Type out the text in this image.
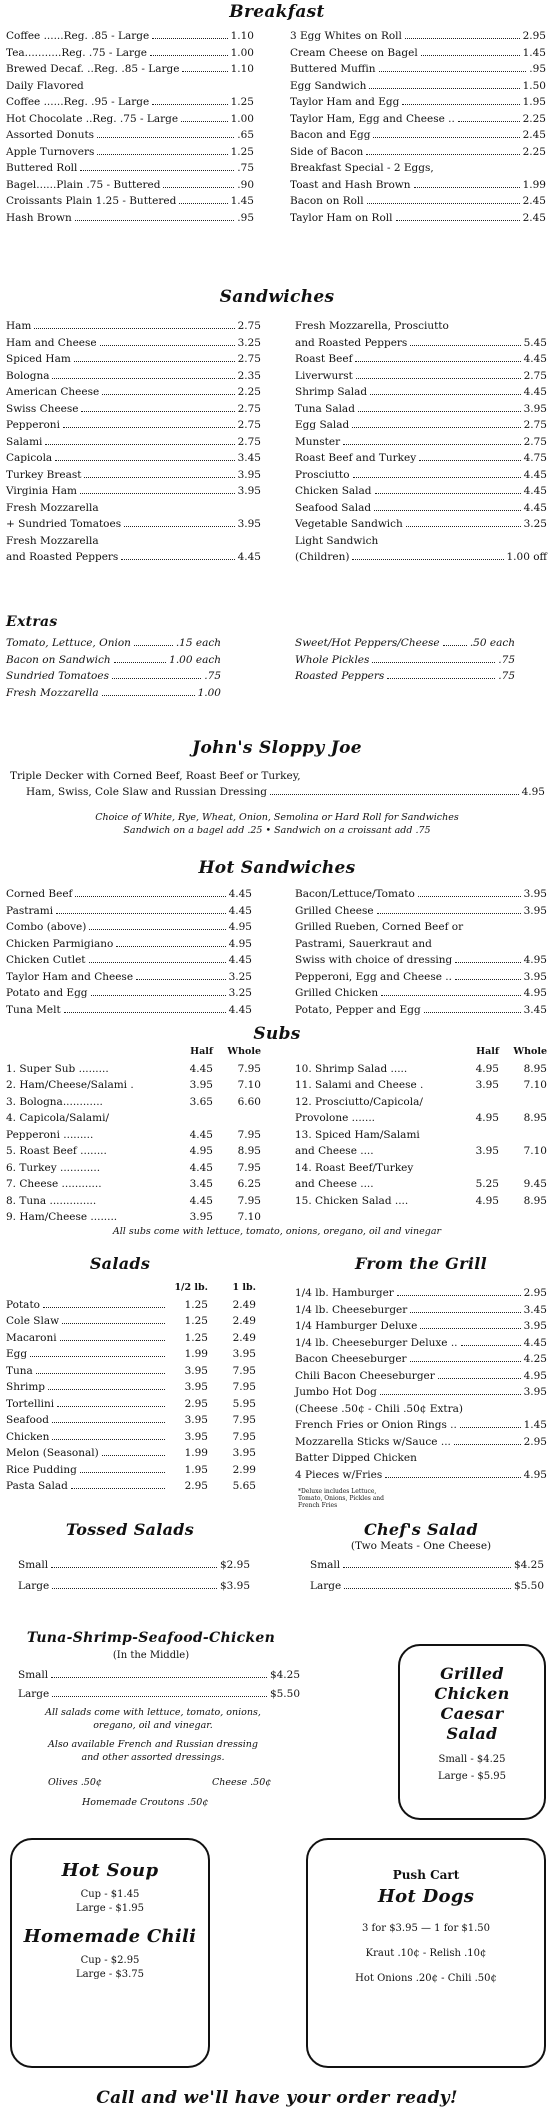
Breakfast
Coffee ......Reg. .85 - Large	1.10
Tea...........Reg. .75 - Large	1.00
Brewed Decaf. ..Reg. .85 - Large	1.10
Daily Flavored
Coffee ......Reg. .95 - Large	1.25
Hot Chocolate ..Reg. .75 - Large	1.00
Assorted Donuts	.65
Apple Turnovers	1.25
Buttered Roll	.75
Bagel......Plain .75 - Buttered	.90
Croissants Plain 1.25 - Buttered	1.45
Hash Brown	.95
3 Egg Whites on Roll	2.95
Cream Cheese on Bagel	1.45
Buttered Muffin	.95
Egg Sandwich	1.50
Taylor Ham and Egg	1.95
Taylor Ham, Egg and Cheese ..	2.25
Bacon and Egg	2.45
Side of Bacon	2.25
Breakfast Special - 2 Eggs,
Toast and Hash Brown	1.99
Bacon on Roll	2.45
Taylor Ham on Roll	2.45
Sandwiches
Ham	2.75
Ham and Cheese	3.25
Spiced Ham	2.75
Bologna	2.35
American Cheese	2.25
Swiss Cheese	2.75
Pepperoni	2.75
Salami	2.75
Capicola	3.45
Turkey Breast	3.95
Virginia Ham	3.95
Fresh Mozzarella
+ Sundried Tomatoes	3.95
Fresh Mozzarella
and Roasted Peppers	4.45
Fresh Mozzarella, Prosciutto
and Roasted Peppers	5.45
Roast Beef	4.45
Liverwurst	2.75
Shrimp Salad	4.45
Tuna Salad	3.95
Egg Salad	2.75
Munster	2.75
Roast Beef and Turkey	4.75
Prosciutto	4.45
Chicken Salad	4.45
Seafood Salad	4.45
Vegetable Sandwich	3.25
Light Sandwich
(Children)	1.00 off
Extras
Tomato, Lettuce, Onion	.15 each
Bacon on Sandwich	1.00 each
Sundried Tomatoes	.75
Fresh Mozzarella	1.00
Sweet/Hot Peppers/Cheese	.50 each
Whole Pickles	.75
Roasted Peppers	.75
John's Sloppy Joe
Triple Decker with Corned Beef, Roast Beef or Turkey,
Ham, Swiss, Cole Slaw and Russian Dressing	4.95
Choice of White, Rye, Wheat, Onion, Semolina or Hard Roll for Sandwiches
Sandwich on a bagel add .25 • Sandwich on a croissant add .75
Hot Sandwiches
Corned Beef	4.45
Pastrami	4.45
Combo (above)	4.95
Chicken Parmigiano	4.95
Chicken Cutlet	4.45
Taylor Ham and Cheese	3.25
Potato and Egg	3.25
Tuna Melt	4.45
Bacon/Lettuce/Tomato	3.95
Grilled Cheese	3.95
Grilled Rueben, Corned Beef or
Pastrami, Sauerkraut and
Swiss with choice of dressing	4.95
Pepperoni, Egg and Cheese ..	3.95
Grilled Chicken	4.95
Potato, Pepper and Egg	3.45
Subs
Half	Whole
1. Super Sub .........	4.45	7.95
2. Ham/Cheese/Salami .	3.95	7.10
3. Bologna............	3.65	6.60
4. Capicola/Salami/
Pepperoni .........	4.45	7.95
5. Roast Beef ........	4.95	8.95
6. Turkey ............	4.45	7.95
7. Cheese ............	3.45	6.25
8. Tuna ..............	4.45	7.95
9. Ham/Cheese ........	3.95	7.10
Half	Whole
10. Shrimp Salad .....	4.95	8.95
11. Salami and Cheese .	3.95	7.10
12. Prosciutto/Capicola/
Provolone .......	4.95	8.95
13. Spiced Ham/Salami
and Cheese ....	3.95	7.10
14. Roast Beef/Turkey
and Cheese ....	5.25	9.45
15. Chicken Salad ....	4.95	8.95
All subs come with lettuce, tomato, onions, oregano, oil and vinegar
Salads
1/2 lb.	1 lb.
Potato	1.25	2.49
Cole Slaw	1.25	2.49
Macaroni	1.25	2.49
Egg	1.99	3.95
Tuna	3.95	7.95
Shrimp	3.95	7.95
Tortellini	2.95	5.95
Seafood	3.95	7.95
Chicken	3.95	7.95
Melon (Seasonal)	1.99	3.95
Rice Pudding	1.95	2.99
Pasta Salad	2.95	5.65
From the Grill
1/4 lb. Hamburger	2.95
1/4 lb. Cheeseburger	3.45
1/4 Hamburger Deluxe	3.95
1/4 lb. Cheeseburger Deluxe ..	4.45
Bacon Cheeseburger	4.25
Chili Bacon Cheeseburger	4.95
Jumbo Hot Dog	3.95
(Cheese .50¢ - Chili .50¢ Extra)
French Fries or Onion Rings ..	1.45
Mozzarella Sticks w/Sauce ...	2.95
Batter Dipped Chicken
4 Pieces w/Fries	4.95
*Deluxe includes Lettuce, Tomato, Onions, Pickles and French Fries
Tossed Salads
Small	$2.95
Large	$3.95
Chef's Salad
(Two Meats - One Cheese)
Small	$4.25
Large	$5.50
Tuna-Shrimp-Seafood-Chicken
(In the Middle)
Small	$4.25
Large	$5.50
All salads come with lettuce, tomato, onions,
oregano, oil and vinegar.
Also available French and Russian dressing
and other assorted dressings.
Olives .50¢	Cheese .50¢
Homemade Croutons .50¢
Grilled
Chicken
Caesar
Salad
Small - $4.25
Large - $5.95
Hot Soup
Cup - $1.45
Large - $1.95
Homemade Chili
Cup - $2.95
Large - $3.75
Push Cart
Hot Dogs
3 for $3.95 — 1 for $1.50
Kraut .10¢ - Relish .10¢
Hot Onions .20¢ - Chili .50¢
Call and we'll have your order ready!
